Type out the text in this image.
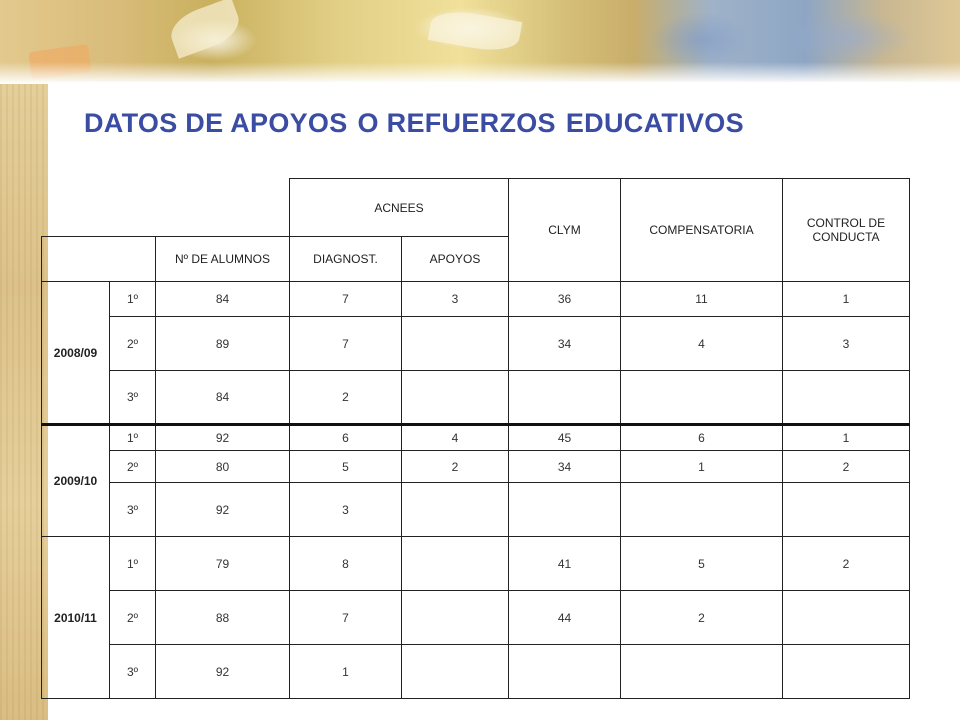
DATOS DE APOYOS O REFUERZOS EDUCATIVOS
			ACNEES		CLYM	COMPENSATORIA	CONTROL DE CONDUCTA
		Nº DE ALUMNOS	DIAGNOST.	APOYOS			
2008/09	1º	84	7	3	36	11	1
	2º	89	7		34	4	3
	3º	84	2				
2009/10	1º	92	6	4	45	6	1
	2º	80	5	2	34	1	2
	3º	92	3				
2010/11	1º	79	8		41	5	2
	2º	88	7		44	2	
	3º	92	1				
